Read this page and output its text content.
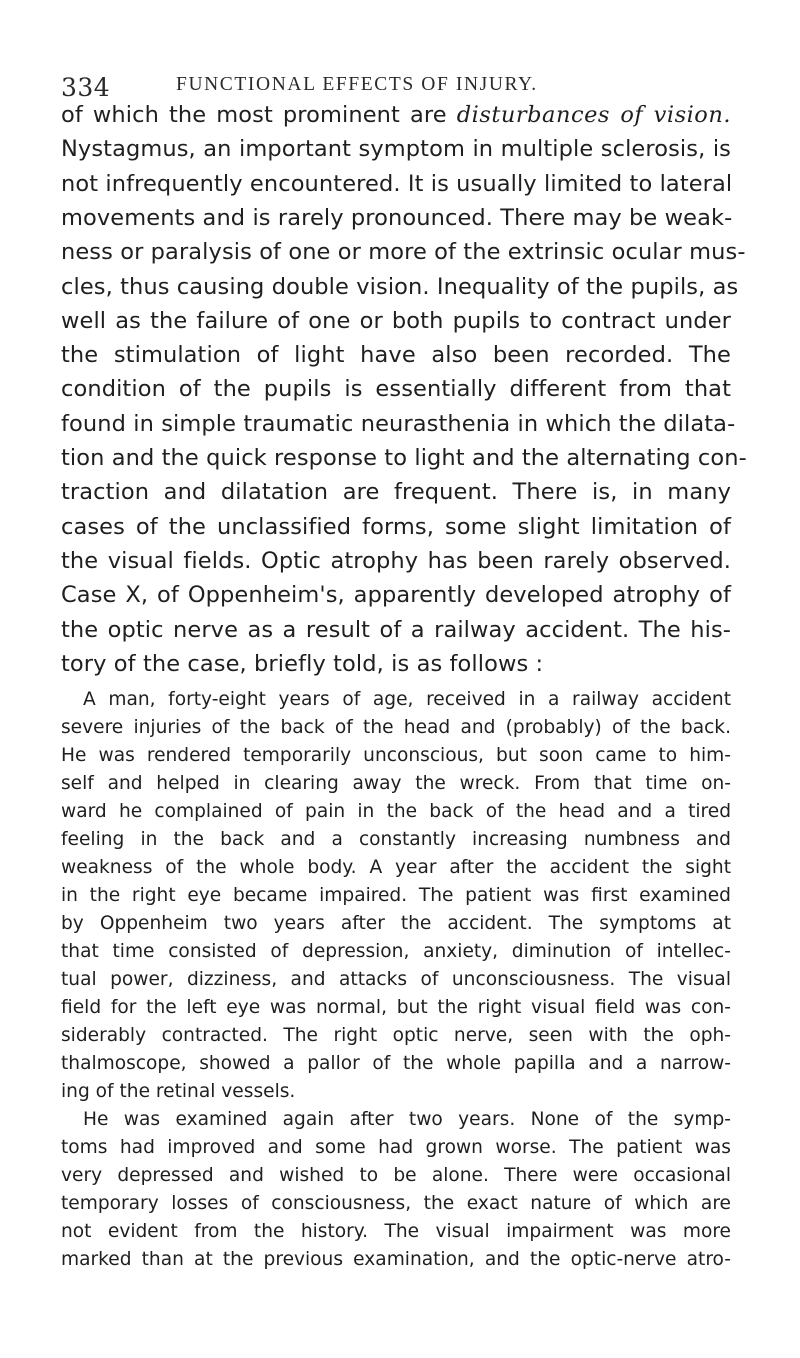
334	FUNCTIONAL EFFECTS OF INJURY.
of which the most prominent are disturbances of vision.
Nystagmus, an important symptom in multiple sclerosis, is
not infrequently encountered. It is usually limited to lateral
movements and is rarely pronounced. There may be weak-
ness or paralysis of one or more of the extrinsic ocular mus-
cles, thus causing double vision. Inequality of the pupils, as
well as the failure of one or both pupils to contract under
the stimulation of light have also been recorded. The
condition of the pupils is essentially different from that
found in simple traumatic neurasthenia in which the dilata-
tion and the quick response to light and the alternating con-
traction and dilatation are frequent. There is, in many
cases of the unclassified forms, some slight limitation of
the visual fields. Optic atrophy has been rarely observed.
Case X, of Oppenheim's, apparently developed atrophy of
the optic nerve as a result of a railway accident. The his-
tory of the case, briefly told, is as follows :
A man, forty-eight years of age, received in a railway accident
severe injuries of the back of the head and (probably) of the back.
He was rendered temporarily unconscious, but soon came to him-
self and helped in clearing away the wreck. From that time on-
ward he complained of pain in the back of the head and a tired
feeling in the back and a constantly increasing numbness and
weakness of the whole body. A year after the accident the sight
in the right eye became impaired. The patient was first examined
by Oppenheim two years after the accident. The symptoms at
that time consisted of depression, anxiety, diminution of intellec-
tual power, dizziness, and attacks of unconsciousness. The visual
field for the left eye was normal, but the right visual field was con-
siderably contracted. The right optic nerve, seen with the oph-
thalmoscope, showed a pallor of the whole papilla and a narrow-
ing of the retinal vessels.
He was examined again after two years. None of the symp-
toms had improved and some had grown worse. The patient was
very depressed and wished to be alone. There were occasional
temporary losses of consciousness, the exact nature of which are
not evident from the history. The visual impairment was more
marked than at the previous examination, and the optic-nerve atro-
